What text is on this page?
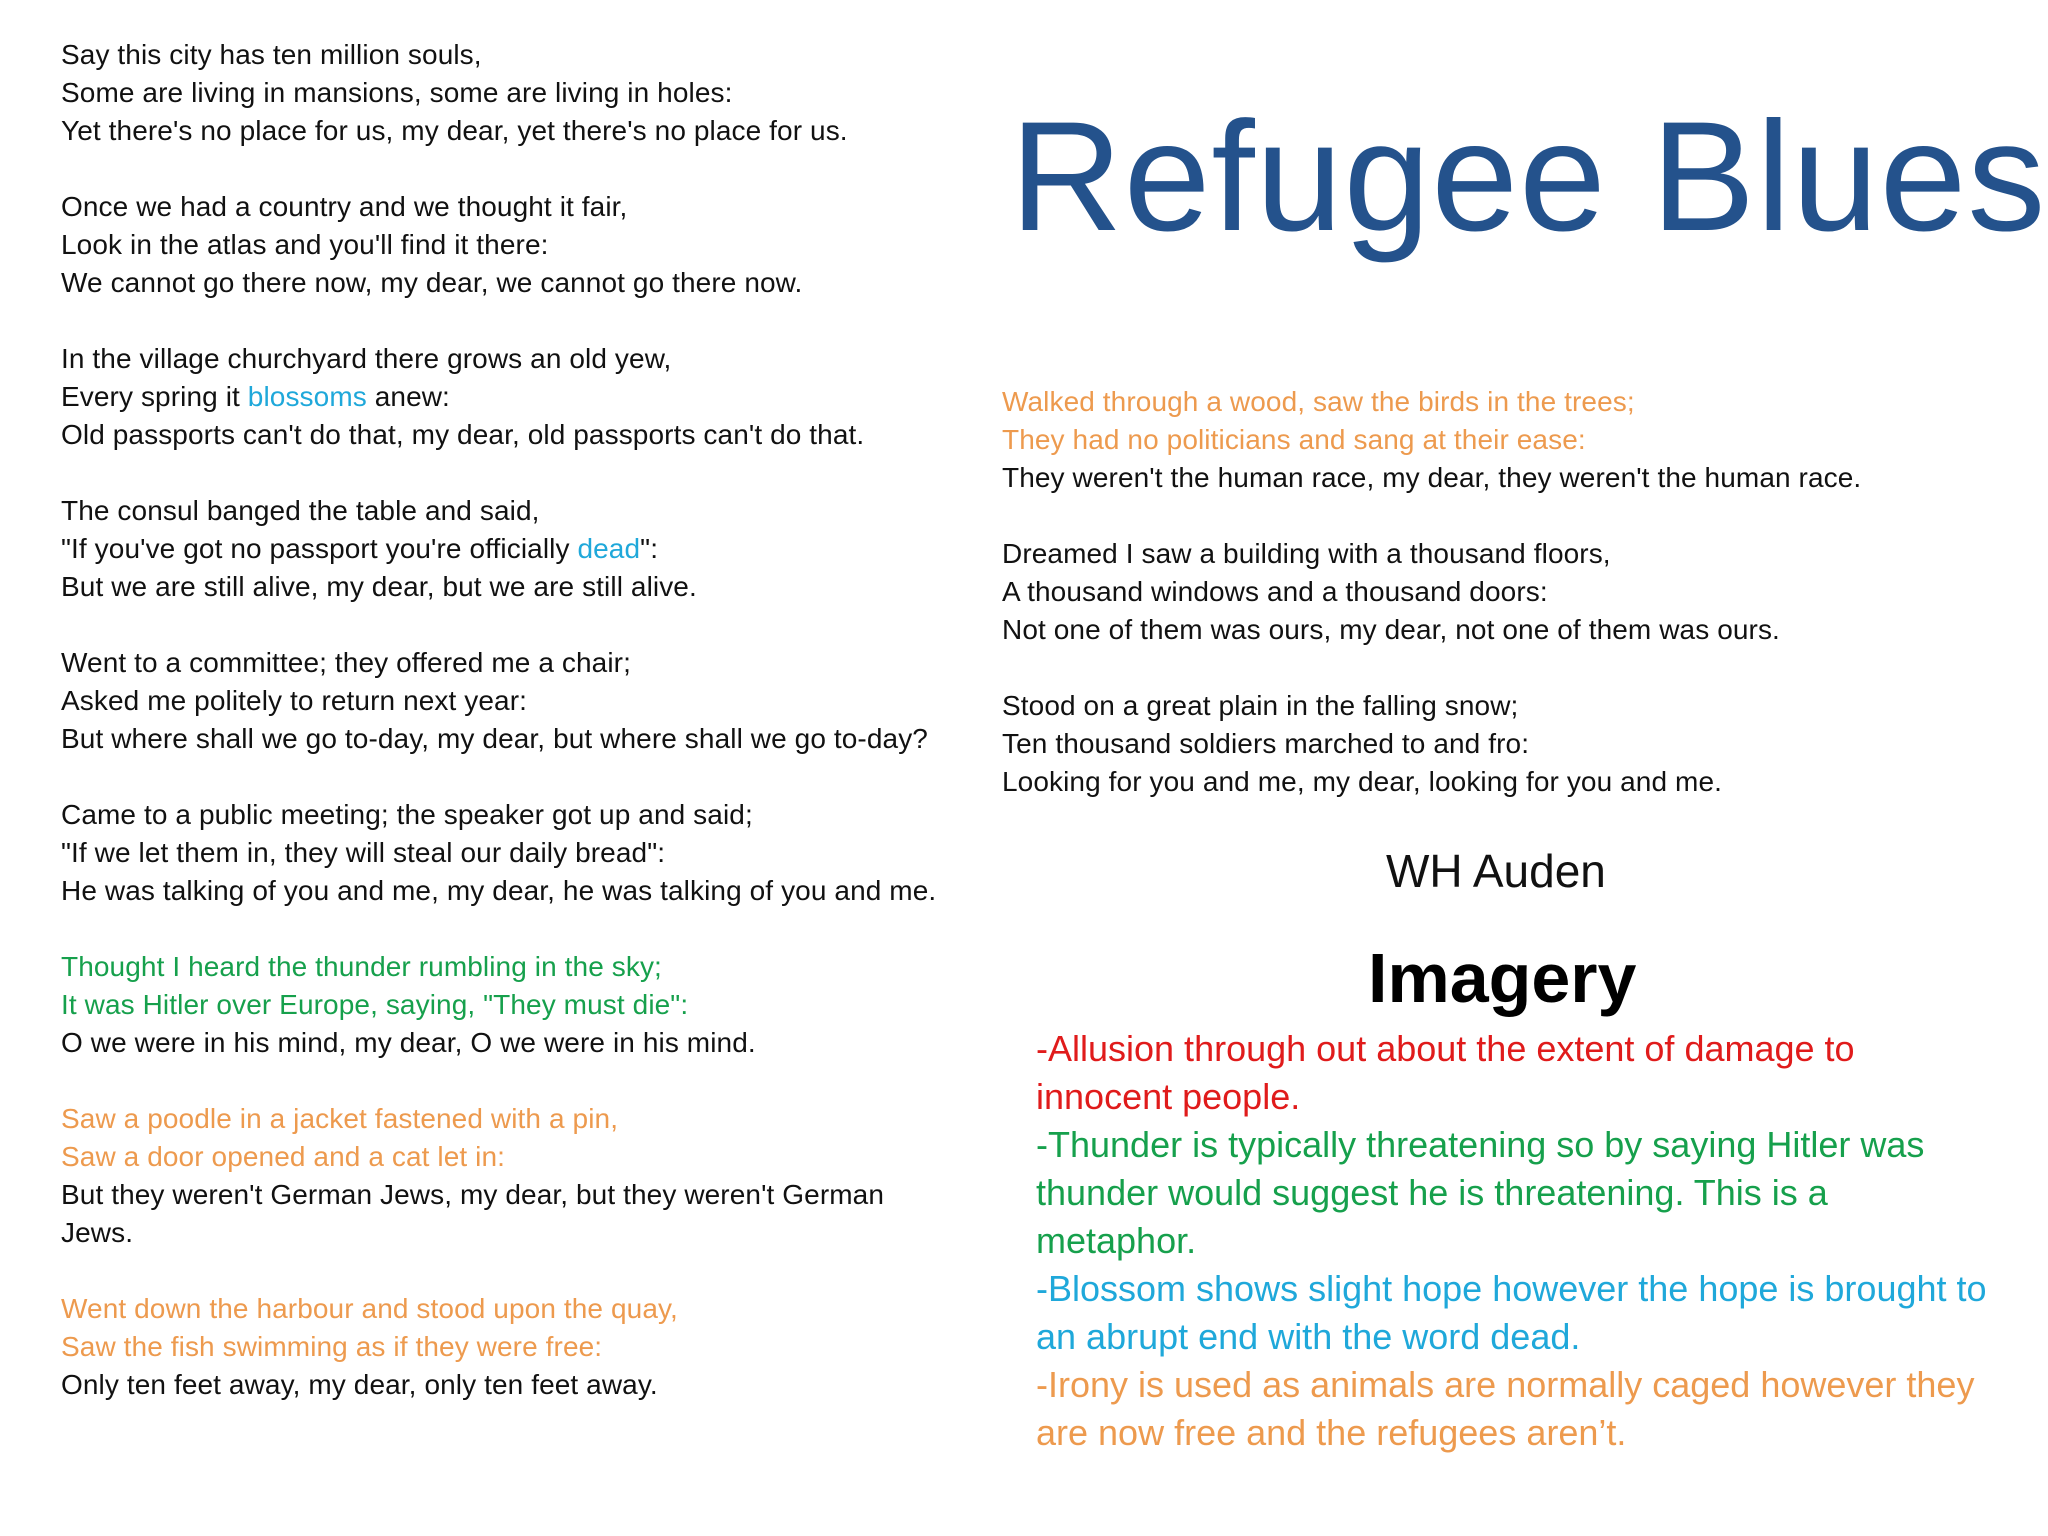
Refugee Blues
Say this city has ten million souls,
Some are living in mansions, some are living in holes:
Yet there's no place for us, my dear, yet there's no place for us.
Once we had a country and we thought it fair,
Look in the atlas and you'll find it there:
We cannot go there now, my dear, we cannot go there now.
In the village churchyard there grows an old yew,
Every spring it blossoms anew:
Old passports can't do that, my dear, old passports can't do that.
The consul banged the table and said,
"If you've got no passport you're officially dead":
But we are still alive, my dear, but we are still alive.
Went to a committee; they offered me a chair;
Asked me politely to return next year:
But where shall we go to-day, my dear, but where shall we go to-day?
Came to a public meeting; the speaker got up and said;
"If we let them in, they will steal our daily bread":
He was talking of you and me, my dear, he was talking of you and me.
Thought I heard the thunder rumbling in the sky;
It was Hitler over Europe, saying, "They must die":
O we were in his mind, my dear, O we were in his mind.
Saw a poodle in a jacket fastened with a pin,
Saw a door opened and a cat let in:
But they weren't German Jews, my dear, but they weren't German Jews.
Went down the harbour and stood upon the quay,
Saw the fish swimming as if they were free:
Only ten feet away, my dear, only ten feet away.
Walked through a wood, saw the birds in the trees;
They had no politicians and sang at their ease:
They weren't the human race, my dear, they weren't the human race.
Dreamed I saw a building with a thousand floors,
A thousand windows and a thousand doors:
Not one of them was ours, my dear, not one of them was ours.
Stood on a great plain in the falling snow;
Ten thousand soldiers marched to and fro:
Looking for you and me, my dear, looking for you and me.
WH Auden
Imagery
-Allusion through out about the extent of damage to innocent people.
-Thunder is typically threatening so by saying Hitler was thunder would suggest he is threatening. This is a metaphor.
-Blossom shows slight hope however the hope is brought to an abrupt end with the word dead.
-Irony is used as animals are normally caged however they are now free and the refugees aren’t.
